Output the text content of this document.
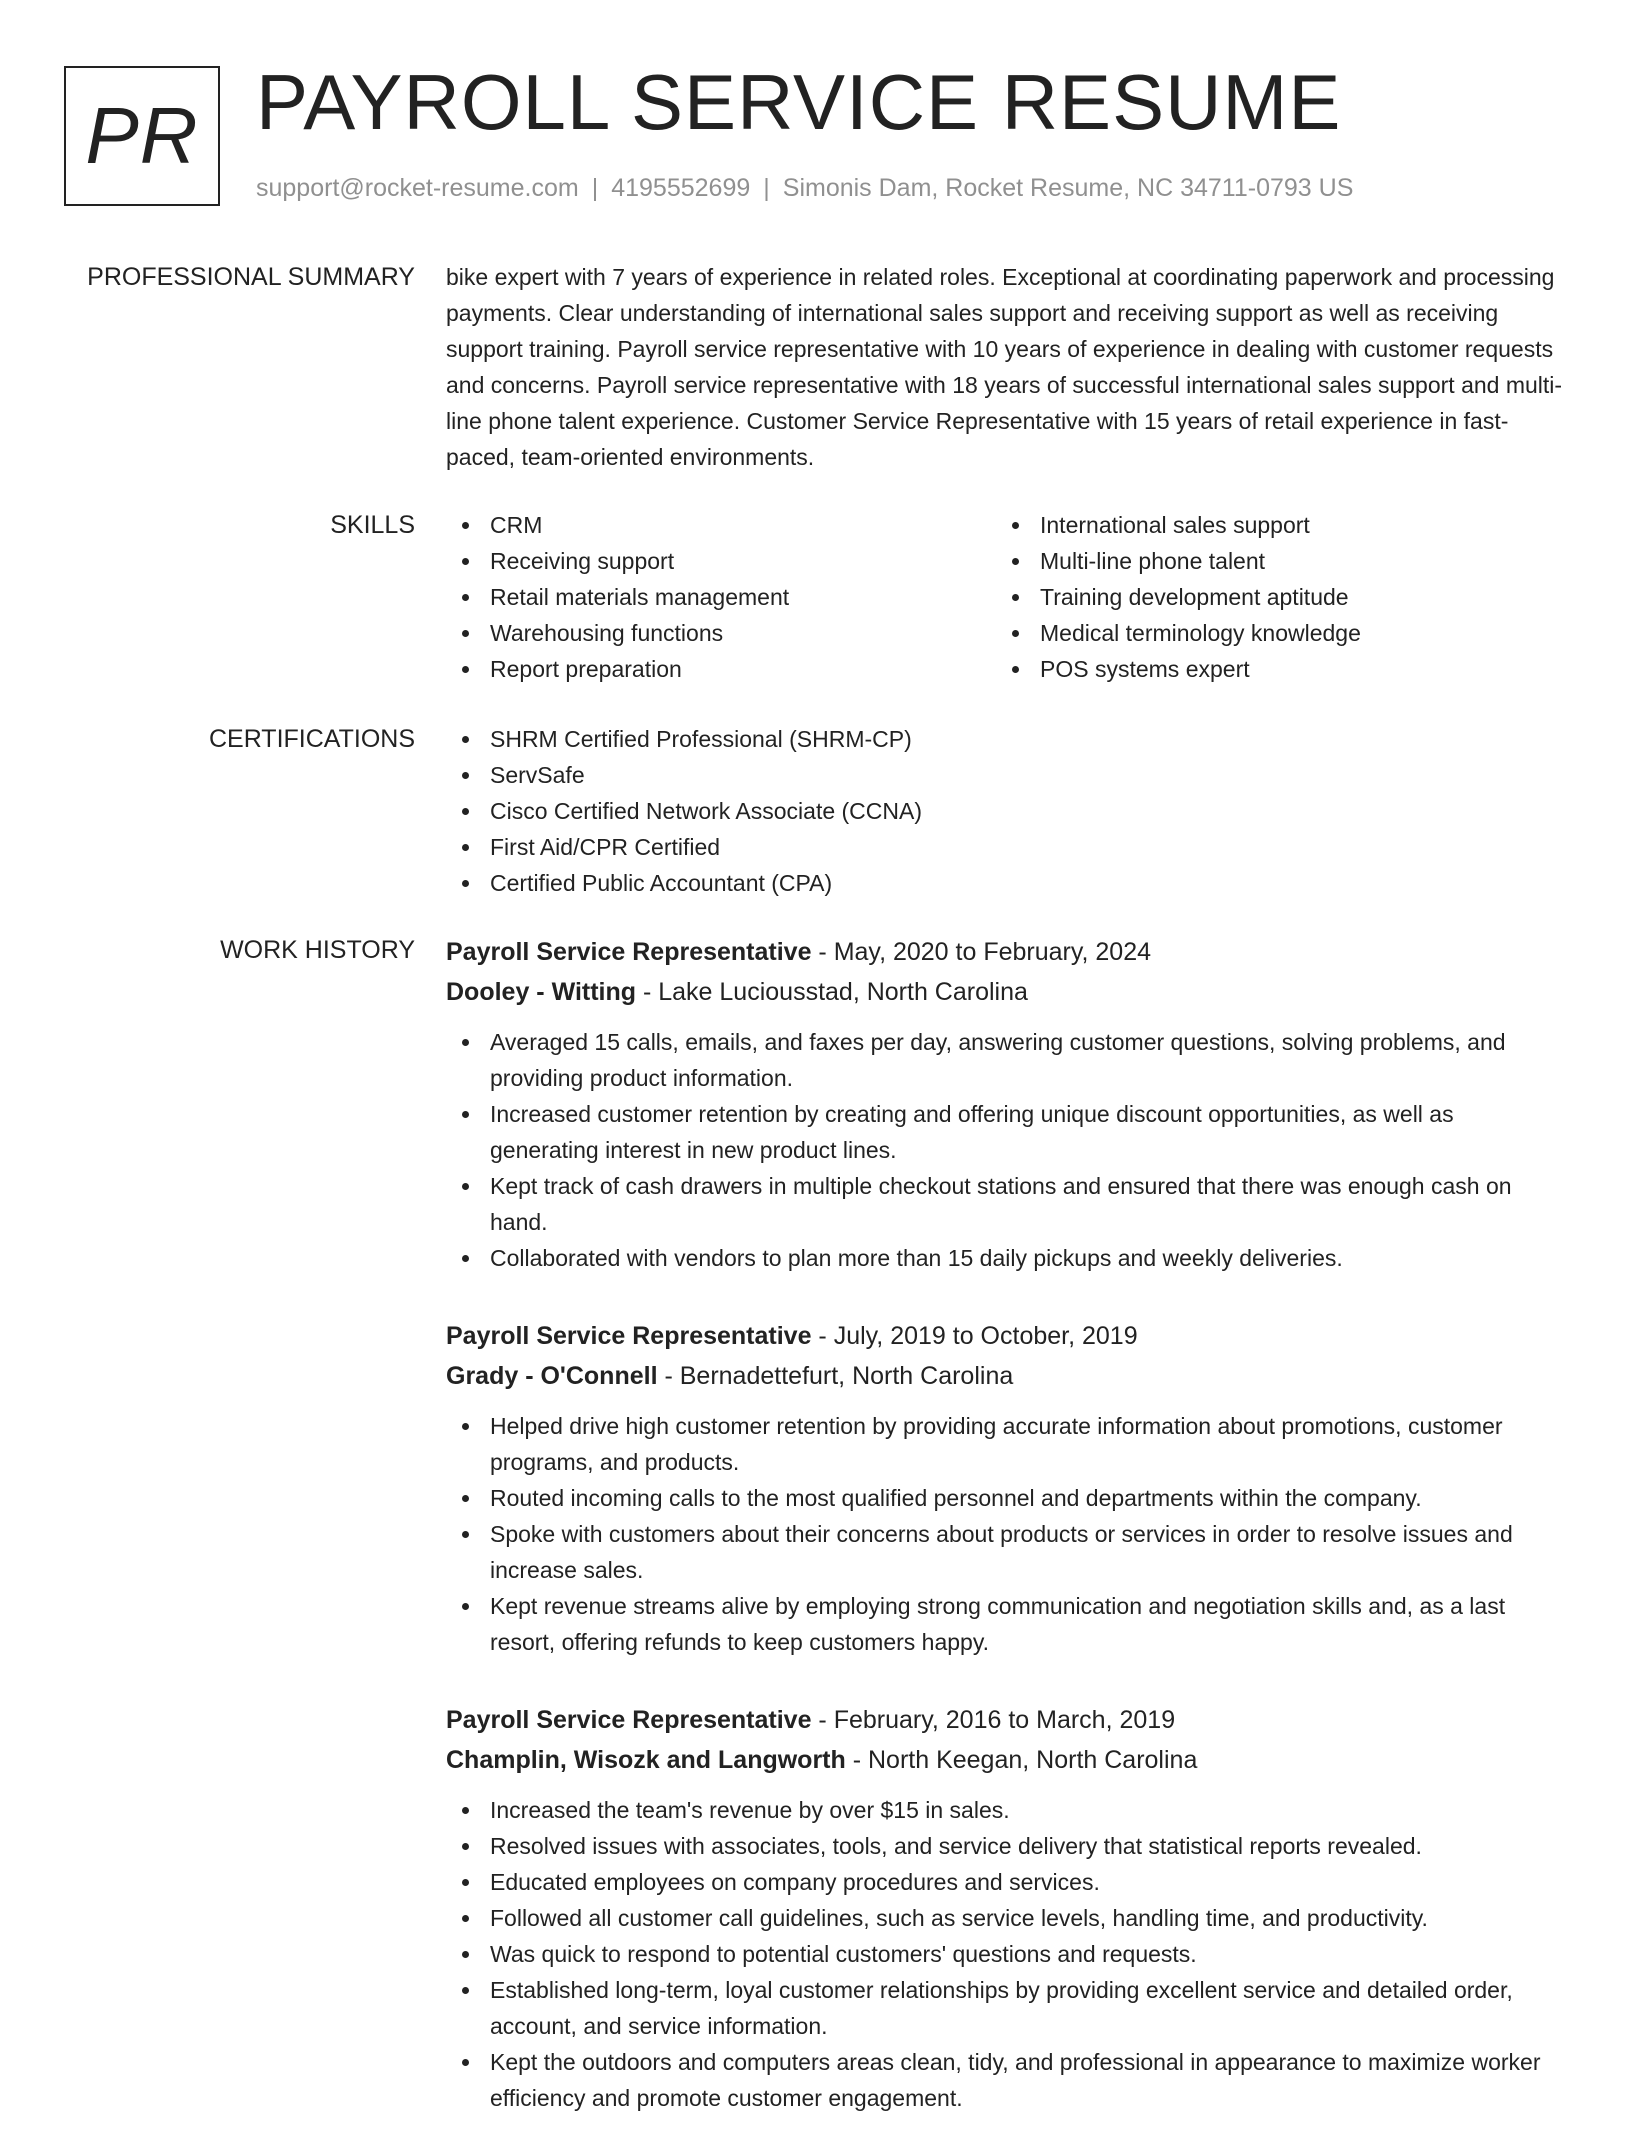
PR PAYROLL SERVICE RESUME
support@rocket-resume.com | 4195552699 | Simonis Dam, Rocket Resume, NC 34711-0793 US
PROFESSIONAL SUMMARY bike expert with 7 years of experience in related roles. Exceptional at coordinating paperwork and processing payments. Clear understanding of international sales support and receiving support as well as receiving support training. Payroll service representative with 10 years of experience in dealing with customer requests and concerns. Payroll service representative with 18 years of successful international sales support and multi-line phone talent experience. Customer Service Representative with 15 years of retail experience in fast-paced, team-oriented environments.

SKILLS	CRM
Receiving support
Retail materials management
Warehousing functions
Report preparation
International sales support
Multi-line phone talent
Training development aptitude
Medical terminology knowledge
POS systems expert
CERTIFICATIONS	SHRM Certified Professional (SHRM-CP)
ServSafe
Cisco Certified Network Associate (CCNA)
First Aid/CPR Certified
Certified Public Accountant (CPA)
WORK HISTORY Payroll Service Representative - May, 2020 to February, 2024
Dooley - Witting - Lake Luciousstad, North Carolina
Averaged 15 calls, emails, and faxes per day, answering customer questions, solving problems, and providing product information.
Increased customer retention by creating and offering unique discount opportunities, as well as generating interest in new product lines.
Kept track of cash drawers in multiple checkout stations and ensured that there was enough cash on hand.
Collaborated with vendors to plan more than 15 daily pickups and weekly deliveries.
Payroll Service Representative - July, 2019 to October, 2019
Grady - O'Connell - Bernadettefurt, North Carolina
Helped drive high customer retention by providing accurate information about promotions, customer programs, and products.
Routed incoming calls to the most qualified personnel and departments within the company.
Spoke with customers about their concerns about products or services in order to resolve issues and increase sales.
Kept revenue streams alive by employing strong communication and negotiation skills and, as a last resort, offering refunds to keep customers happy.
Payroll Service Representative - February, 2016 to March, 2019
Champlin, Wisozk and Langworth - North Keegan, North Carolina
Increased the team's revenue by over $15 in sales.
Resolved issues with associates, tools, and service delivery that statistical reports revealed.
Educated employees on company procedures and services.
Followed all customer call guidelines, such as service levels, handling time, and productivity.
Was quick to respond to potential customers' questions and requests.
Established long-term, loyal customer relationships by providing excellent service and detailed order, account, and service information.
Kept the outdoors and computers areas clean, tidy, and professional in appearance to maximize worker efficiency and promote customer engagement.
